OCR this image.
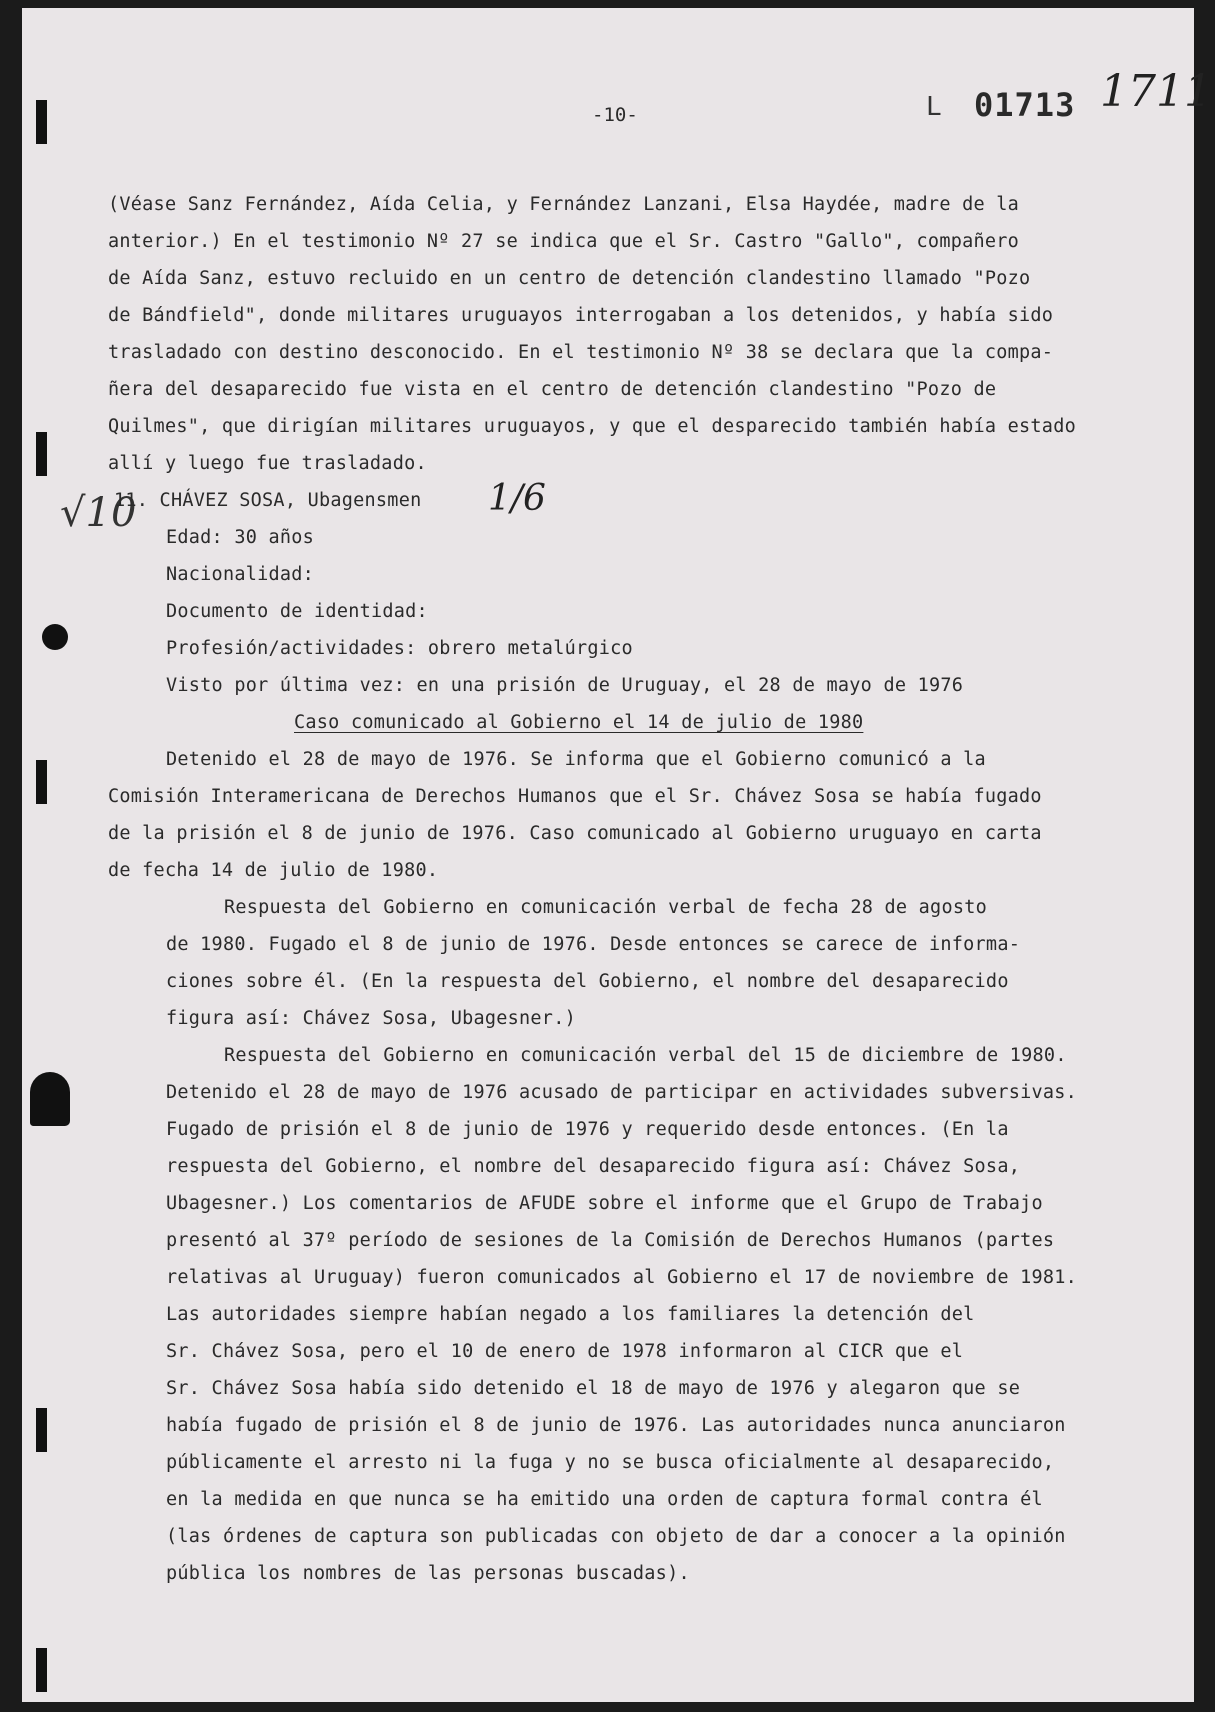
-10-	L 01713 1711
√10	1/6
(Véase Sanz Fernández, Aída Celia, y Fernández Lanzani, Elsa Haydée, madre de la
anterior.) En el testimonio Nº 27 se indica que el Sr. Castro "Gallo", compañero
de Aída Sanz, estuvo recluido en un centro de detención clandestino llamado "Pozo
de Bándfield", donde militares uruguayos interrogaban a los detenidos, y había sido
trasladado con destino desconocido. En el testimonio Nº 38 se declara que la compa-
ñera del desaparecido fue vista en el centro de detención clandestino "Pozo de
Quilmes", que dirigían militares uruguayos, y que el desparecido también había estado
allí y luego fue trasladado.
11. CHÁVEZ SOSA, Ubagensmen
Edad: 30 años
Nacionalidad:
Documento de identidad:
Profesión/actividades: obrero metalúrgico
Visto por última vez: en una prisión de Uruguay, el 28 de mayo de 1976
Caso comunicado al Gobierno el 14 de julio de 1980
Detenido el 28 de mayo de 1976. Se informa que el Gobierno comunicó a la
Comisión Interamericana de Derechos Humanos que el Sr. Chávez Sosa se había fugado
de la prisión el 8 de junio de 1976. Caso comunicado al Gobierno uruguayo en carta
de fecha 14 de julio de 1980.
Respuesta del Gobierno en comunicación verbal de fecha 28 de agosto
de 1980. Fugado el 8 de junio de 1976. Desde entonces se carece de informa-
ciones sobre él. (En la respuesta del Gobierno, el nombre del desaparecido
figura así: Chávez Sosa, Ubagesner.)
Respuesta del Gobierno en comunicación verbal del 15 de diciembre de 1980.
Detenido el 28 de mayo de 1976 acusado de participar en actividades subversivas.
Fugado de prisión el 8 de junio de 1976 y requerido desde entonces. (En la
respuesta del Gobierno, el nombre del desaparecido figura así: Chávez Sosa,
Ubagesner.) Los comentarios de AFUDE sobre el informe que el Grupo de Trabajo
presentó al 37º período de sesiones de la Comisión de Derechos Humanos (partes
relativas al Uruguay) fueron comunicados al Gobierno el 17 de noviembre de 1981.
Las autoridades siempre habían negado a los familiares la detención del
Sr. Chávez Sosa, pero el 10 de enero de 1978 informaron al CICR que el
Sr. Chávez Sosa había sido detenido el 18 de mayo de 1976 y alegaron que se
había fugado de prisión el 8 de junio de 1976. Las autoridades nunca anunciaron
públicamente el arresto ni la fuga y no se busca oficialmente al desaparecido,
en la medida en que nunca se ha emitido una orden de captura formal contra él
(las órdenes de captura son publicadas con objeto de dar a conocer a la opinión
pública los nombres de las personas buscadas).
